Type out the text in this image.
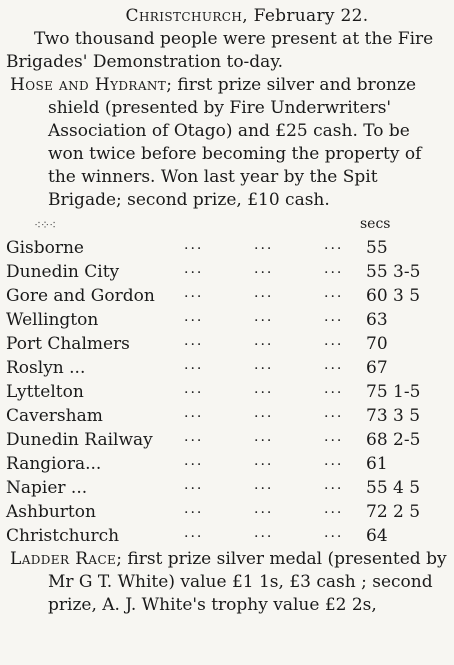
Christchurch, February 22.

Two thousand people were present at the Fire Brigades' Demonstration to-day.

Hose and Hydrant; first prize silver and bronze shield (presented by Fire Underwriters' Association of Otago) and £25 cash. To be won twice before becoming the property of the winners. Won last year by the Spit Brigade; second prize, £10 cash.

⁖⁘⁖	secs
Gisborne	...	...	... 55
Dunedin City	...	...	... 55 3-5
Gore and Gordon ...	...	... 60 3 5
Wellington	...	...	... 63
Port Chalmers	...	...	... 70
Roslyn ...	...	...	... 67
Lyttelton	...	...	... 75 1-5
Caversham	...	...	... 73 3 5
Dunedin Railway ...	...	... 68 2-5
Rangiora...	...	...	... 61
Napier ...	...	...	... 55 4 5
Ashburton	...	...	... 72 2 5
Christchurch	...	...	... 64

Ladder Race; first prize silver medal (presented by Mr G T. White) value £1 1s, £3 cash ; second prize, A. J. White's trophy value £2 2s,
